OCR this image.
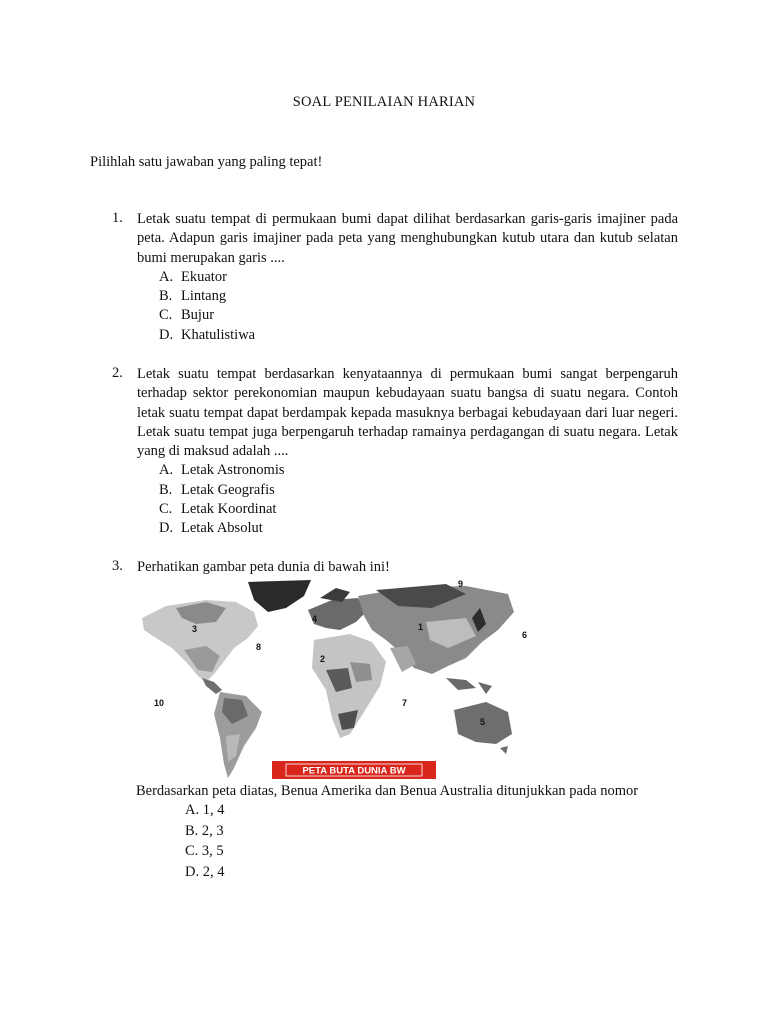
SOAL PENILAIAN HARIAN
Pilihlah satu jawaban yang paling tepat!
1. Letak suatu tempat di permukaan bumi dapat dilihat berdasarkan garis-garis imajiner pada peta. Adapun garis imajiner pada peta yang menghubungkan kutub utara dan kutub selatan bumi merupakan garis ....
A. Ekuator
B. Lintang
C. Bujur
D. Khatulistiwa
2. Letak suatu tempat berdasarkan kenyataannya di permukaan bumi sangat berpengaruh terhadap sektor perekonomian maupun kebudayaan suatu bangsa di suatu negara. Contoh letak suatu tempat dapat berdampak kepada masuknya berbagai kebudayaan dari luar negeri. Letak suatu tempat juga berpengaruh terhadap ramainya perdagangan di suatu negara. Letak yang di maksud adalah ....
A. Letak Astronomis
B. Letak Geografis
C. Letak Koordinat
D. Letak Absolut
3. Perhatikan gambar peta dunia di bawah ini!
9
3
4
1
6
8
2
10	7
5
PETA BUTA DUNIA BW
Berdasarkan peta diatas, Benua Amerika dan Benua Australia ditunjukkan pada nomor
A. 1, 4
B. 2, 3
C. 3, 5
D. 2, 4
